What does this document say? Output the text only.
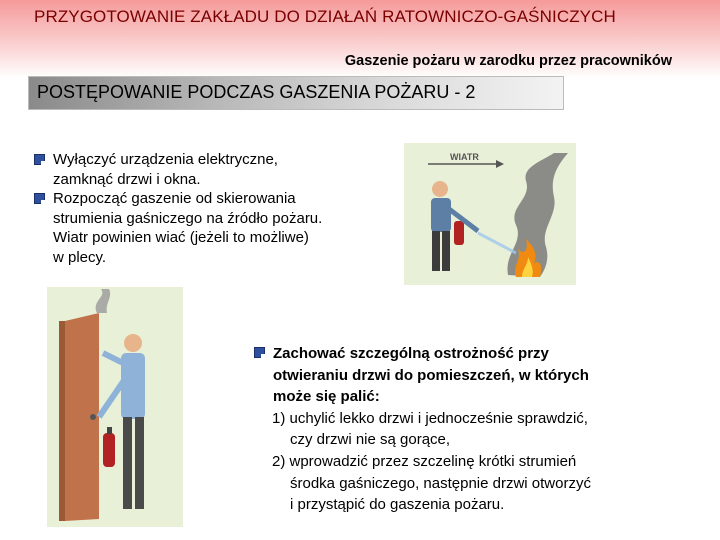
PRZYGOTOWANIE ZAKŁADU DO DZIAŁAŃ RATOWNICZO-GAŚNICZYCH
Gaszenie pożaru w zarodku przez pracowników
POSTĘPOWANIE PODCZAS GASZENIA POŻARU - 2
Wyłączyć urządzenia elektryczne,
zamknąć drzwi i okna.
Rozpocząć gaszenie od skierowania
strumienia gaśniczego na źródło pożaru.
Wiatr powinien wiać (jeżeli to możliwe)
w plecy.
WIATR
Zachować szczególną ostrożność przy
otwieraniu drzwi do pomieszczeń, w których
może się palić:
1) uchylić lekko drzwi i jednocześnie sprawdzić,
czy drzwi nie są gorące,
2) wprowadzić przez szczelinę krótki strumień
środka gaśniczego, następnie drzwi otworzyć
i przystąpić do gaszenia pożaru.
